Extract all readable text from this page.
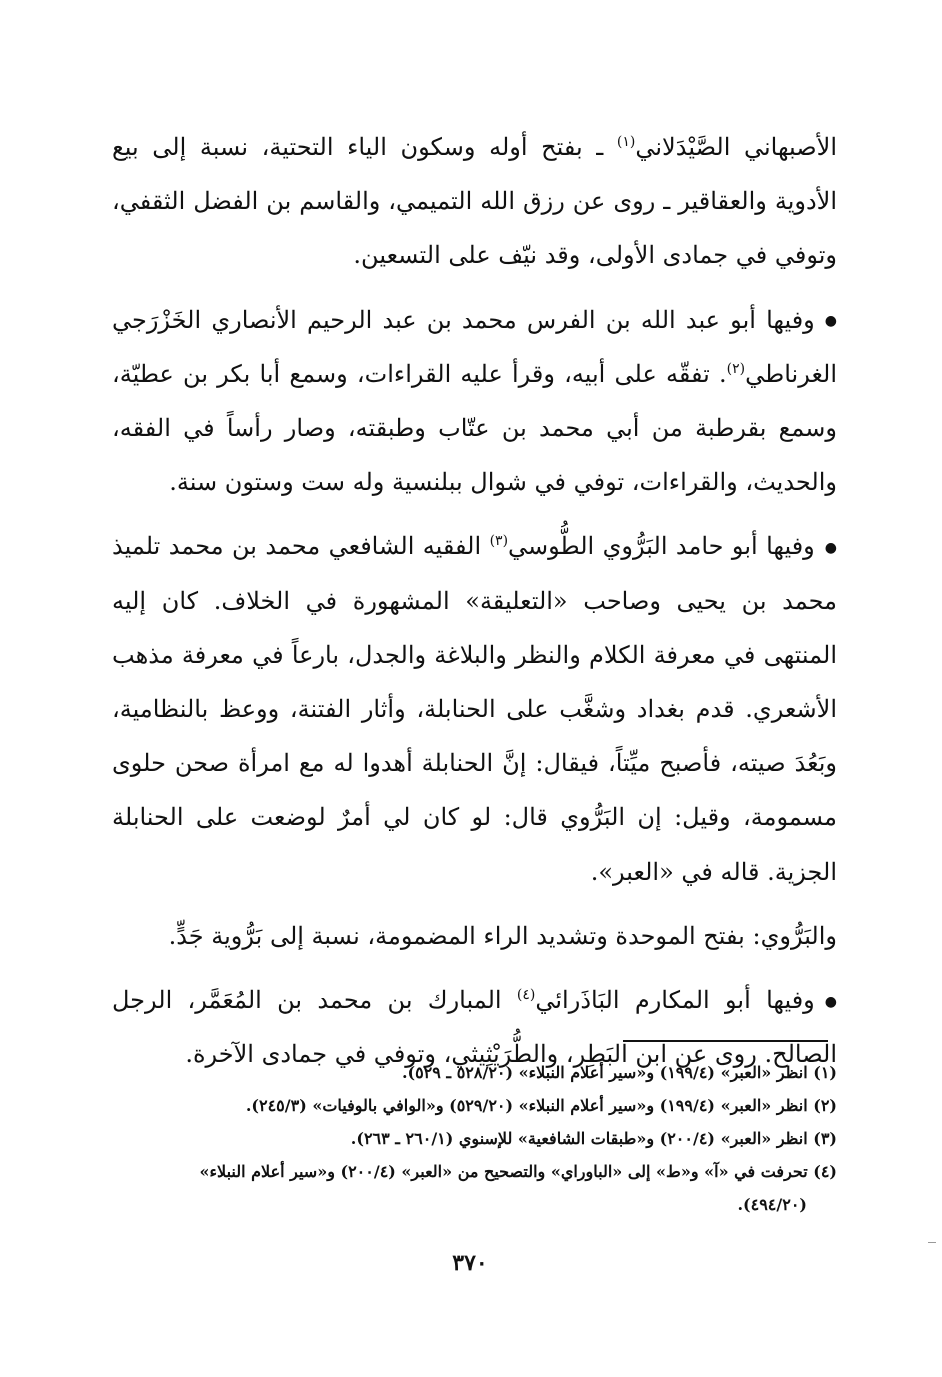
الأصبهاني الصَّيْدَلاني$^{(١)}$ ـ بفتح أوله وسكون الياء التحتية، نسبة إلى بيع الأدوية والعقاقير ـ روى عن رزق الله التميمي، والقاسم بن الفضل الثقفي، وتوفي في جمادى الأولى، وقد نيّف على التسعين.

●وفيها أبو عبد الله بن الفرس محمد بن عبد الرحيم الأنصاري الخَزْرَجي الغرناطي$^{(٢)}$. تفقّه على أبيه، وقرأ عليه القراءات، وسمع أبا بكر بن عطيّة، وسمع بقرطبة من أبي محمد بن عتّاب وطبقته، وصار رأساً في الفقه، والحديث، والقراءات، توفي في شوال ببلنسية وله ست وستون سنة.

●وفيها أبو حامد البَرُّوي الطُّوسي$^{(٣)}$ الفقيه الشافعي محمد بن محمد تلميذ محمد بن يحيى وصاحب «التعليقة» المشهورة في الخلاف. كان إليه المنتهى في معرفة الكلام والنظر والبلاغة والجدل، بارعاً في معرفة مذهب الأشعري. قدم بغداد وشغَّب على الحنابلة، وأثار الفتنة، ووعظ بالنظامية، وبَعُدَ صيته، فأصبح ميِّتاً، فيقال: إنَّ الحنابلة أهدوا له مع امرأة صحن حلوى مسمومة، وقيل: إن البَرُّوي قال: لو كان لي أمرٌ لوضعت على الحنابلة الجزية. قاله في «العبر».

والبَرُّوي: بفتح الموحدة وتشديد الراء المضمومة، نسبة إلى بَرُّوية جَدٍّ.

●وفيها أبو المكارم البَاذَرائي$^{(٤)}$ المبارك بن محمد بن المُعَمَّر، الرجل الصالح. روى عن ابن البَطِر، والطُّرَيْثِيثي، وتوفي في جمادى الآخرة.

(١) انظر «العبر» (١٩٩/٤) و«سير أعلام النبلاء» (٥٢٨/٢٠ ـ ٥٢٩).

(٢) انظر «العبر» (١٩٩/٤) و«سير أعلام النبلاء» (٥٢٩/٢٠) و«الوافي بالوفيات» (٢٤٥/٣).

(٣) انظر «العبر» (٢٠٠/٤) و«طبقات الشافعية» للإسنوي (٢٦٠/١ ـ ٢٦٣).

(٤) تحرفت في «آ» و«ط» إلى «الباوراي» والتصحيح من «العبر» (٢٠٠/٤) و«سير أعلام النبلاء»

(٤٩٤/٢٠).

٣٧٠
